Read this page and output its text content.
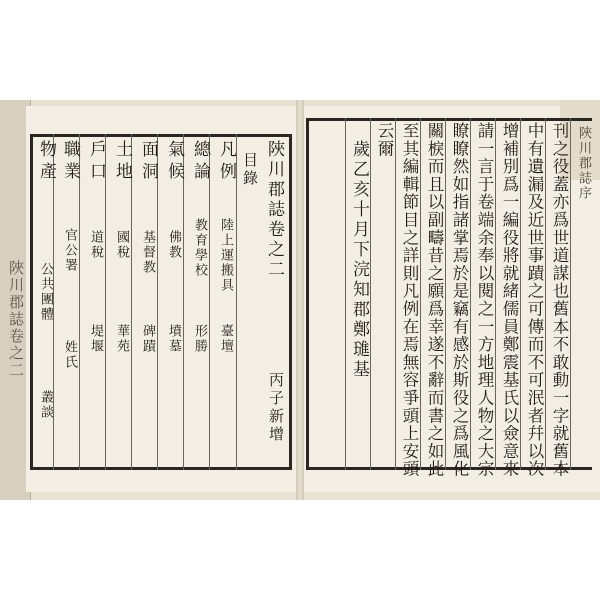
陜川郡誌卷之二
陜川郡誌卷之二
丙子新增
目錄
凡例
陸上運搬具
臺壇
總論
教育學校
形勝
氣候
佛教
墳墓
面洞
基督教
碑蹟
土地
國稅
華苑
戶口
道稅
堤堰
職業
官公署
姓氏
物產
公共團體
叢談
陜川郡誌序
刊之役蓋亦爲世道謀也舊本不敢動一字就舊本
中有遺漏及近世事蹟之可傳而不可泯者幷以次
增補別爲一編役將就緒儒員鄭震基氏以僉意來
請一言于卷端余奉以閱之一方地理人物之大宗
瞭瞭然如指諸掌焉於是竊有感於斯役之爲風化
關棙而且以副疇昔之願爲幸遂不辭而書之如此
至其編輯節目之詳則凡例在焉無容爭頭上安頭
云爾
歲乙亥十月下浣知郡鄭璡基
